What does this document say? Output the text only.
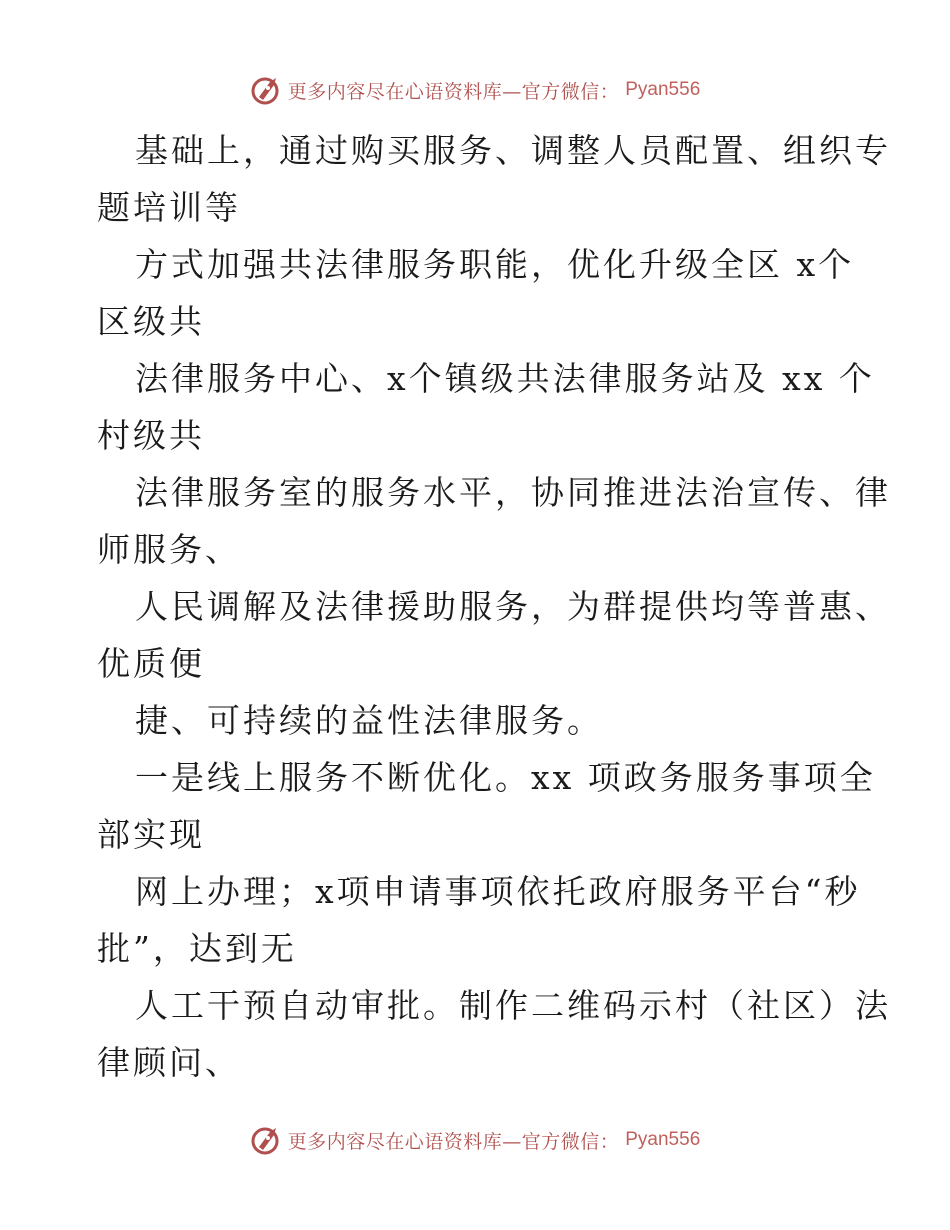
更多内容尽在心语资料库—官方微信： Pyan556

基础上，通过购买服务、调整人员配置、组织专
题培训等

方式加强共法律服务职能，优化升级全区 x个
区级共

法律服务中心、x个镇级共法律服务站及 xx 个
村级共

法律服务室的服务水平，协同推进法治宣传、律
师服务、

人民调解及法律援助服务，为群提供均等普惠、
优质便

捷、可持续的益性法律服务。

一是线上服务不断优化。xx 项政务服务事项全
部实现

网上办理；x项申请事项依托政府服务平台“秒
批”，达到无

人工干预自动审批。制作二维码示村（社区）法
律顾问、

更多内容尽在心语资料库—官方微信： Pyan556
